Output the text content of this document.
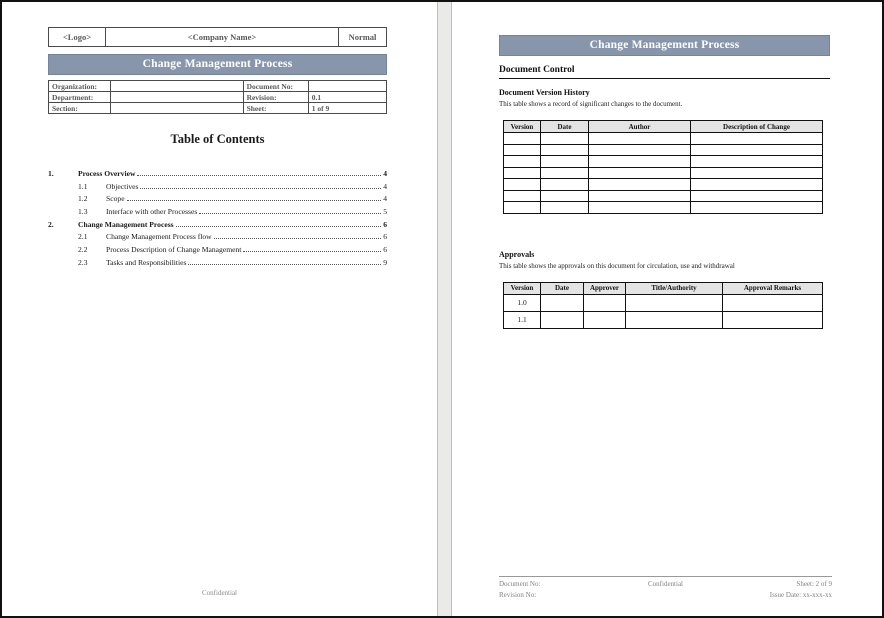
<Logo>	<Company Name>	Normal
Change Management Process
Organization:		Document No:	
Department:		Revision:	0.1
Section:		Sheet:	1 of 9
Table of Contents
1.	Process Overview	4
1.1	Objectives	4
1.2	Scope	4
1.3	Interface with other Processes	5
2.	Change Management Process	6
2.1	Change Management Process flow	6
2.2	Process Description of Change Management	6
2.3	Tasks and Responsibilities	9
Confidential
Change Management Process
Document Control
Document Version History

This table shows a record of significant changes to the document.

Version	Date	Author	Description of Change

Approvals

This table shows the approvals on this document for circulation, use and withdrawal

Version	Date	Approver	Title/Authority	Approval Remarks
1.0				
1.1				
Document No:
Revision No:
Confidential	Sheet: 2 of 9
Issue Date: xx-xxx-xx
